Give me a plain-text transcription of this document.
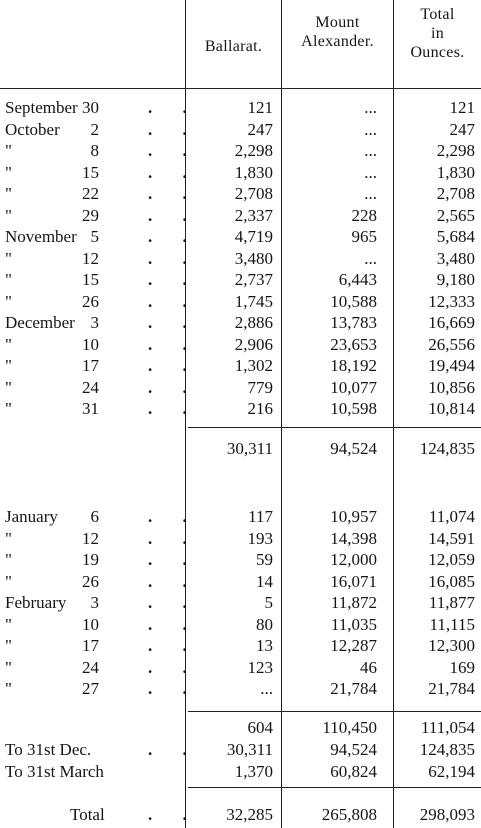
Ballarat.
Mount
Alexander.
Total
in
Ounces.
September 30	. .	121	...	121
October 2	. .	247	...	247
"	8	. . 2,298	...	2,298
"	15	. . 1,830	...	1,830
"	22	. . 2,708	...	2,708
"	29	. . 2,337	228	2,565
November 5	. . 4,719	965	5,684
"	12	. . 3,480	...	3,480
"	15	. . 2,737	6,443	9,180
"	26	. . 1,745	10,588	12,333
December 3	. . 2,886	13,783	16,669
"	10	. . 2,906	23,653	26,556
"	17	. . 1,302	18,192	19,494
"	24	. .	779	10,077	10,856
"	31	. .	216	10,598	10,814
30,311	94,524	124,835
January 6	. .	117	10,957	11,074
"	12	. .	193	14,398	14,591
"	19	. .	59	12,000	12,059
"	26	. .	14	16,071	16,085
February 3	. .	5	11,872	11,877
"	10	. .	80	11,035	11,115
"	17	. .	13	12,287	12,300
"	24	. .	123	46	169
"	27	. .	...	21,784	21,784
604	110,450	111,054
To 31st Dec.	. . 30,311	94,524	124,835
To 31st March	1,370	60,824	62,194
Total	. . 32,285	265,808	298,093
